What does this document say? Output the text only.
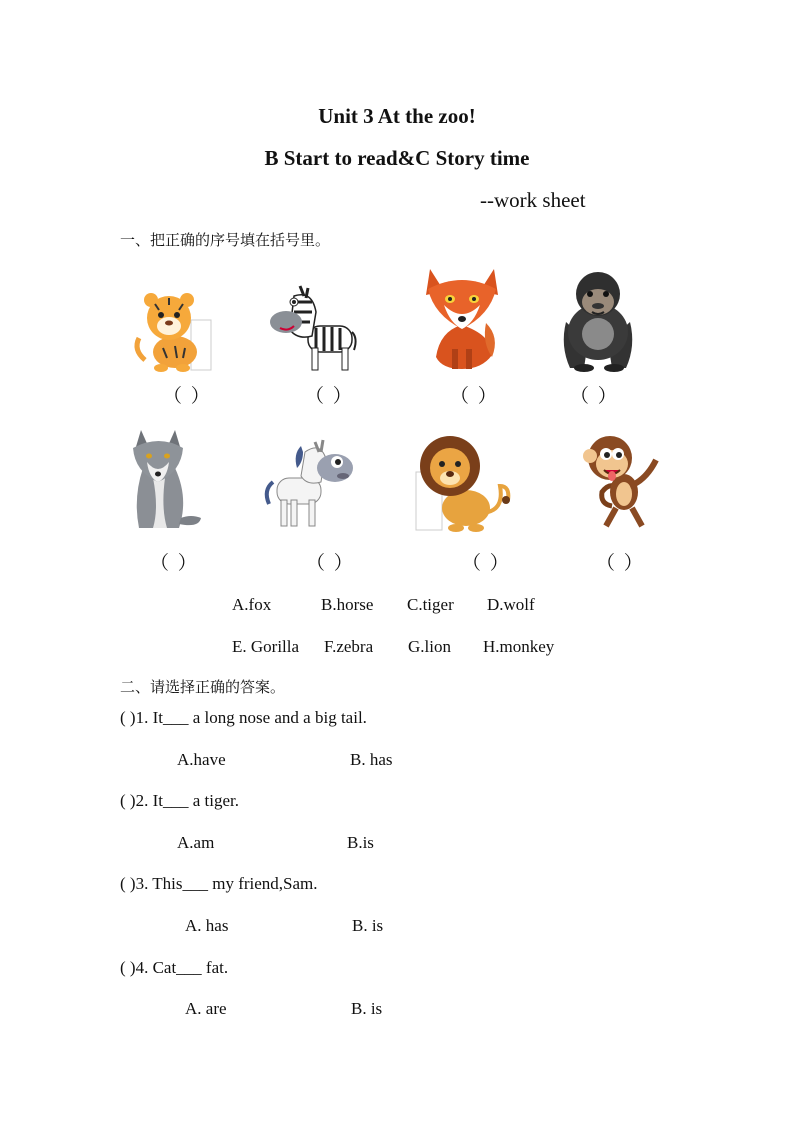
Unit 3 At the zoo!
B Start to read&C Story time
--work sheet
一、把正确的序号填在括号里。
（ ）	（ ）	（ ）	（ ）
（ ）	（ ）	（ ）	（ ）
A.fox	B.horse C.tiger D.wolf
E. Gorilla F.zebra G.lion H.monkey
二、请选择正确的答案。
( )1. It___ a long nose and a big tail.
A.have	B. has
( )2. It___ a tiger.
A.am	B.is
( )3. This___ my friend,Sam.
A. has	B. is
( )4. Cat___ fat.
A. are	B. is
